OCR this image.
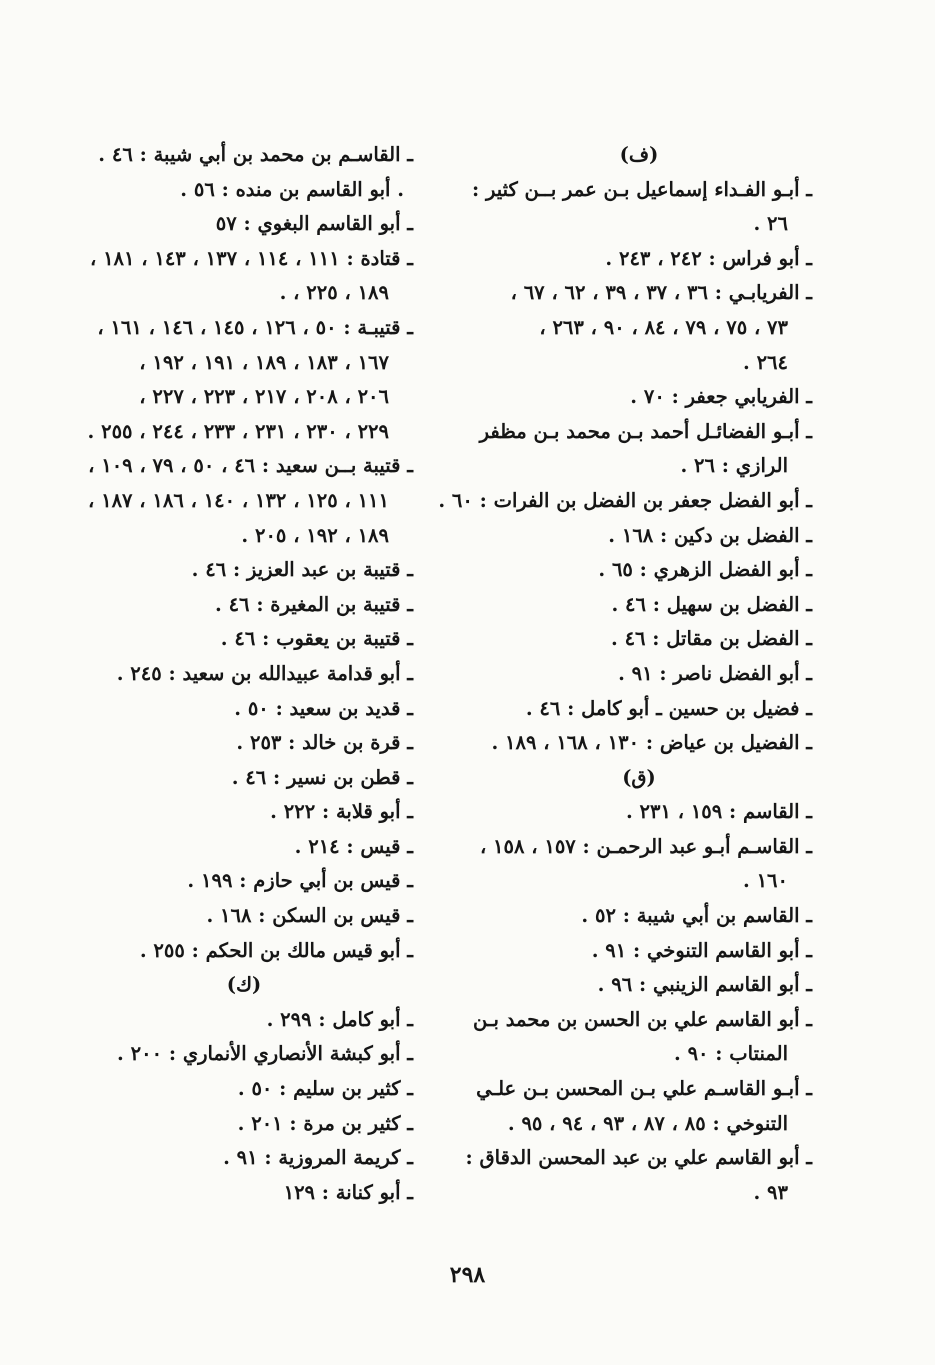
(ف)
ـ أبـو الفـداء إسماعيل بـن عمر بــن كثير :
٢٦ .
ـ أبو فراس : ٢٤٢ ، ٢٤٣ .
ـ الفريابـي : ٣٦ ، ٣٧ ، ٣٩ ، ٦٢ ، ٦٧ ،
٧٣ ، ٧٥ ، ٧٩ ، ٨٤ ، ٩٠ ، ٢٦٣ ،
٢٦٤ .
ـ الفريابي جعفر : ٧٠ .
ـ أبـو الفضائـل أحمد بـن محمد بـن مظفر
الرازي : ٢٦ .
ـ أبو الفضل جعفر بن الفضل بن الفرات : ٦٠ .
ـ الفضل بن دكين : ١٦٨ .
ـ أبو الفضل الزهري : ٦٥ .
ـ الفضل بن سهيل : ٤٦ .
ـ الفضل بن مقاتل : ٤٦ .
ـ أبو الفضل ناصر : ٩١ .
ـ فضيل بن حسين ـ أبو كامل : ٤٦ .
ـ الفضيل بن عياض : ١٣٠ ، ١٦٨ ، ١٨٩ .
(ق)
ـ القاسم : ١٥٩ ، ٢٣١ .
ـ القاسـم أبـو عبد الرحمـن : ١٥٧ ، ١٥٨ ،
١٦٠ .
ـ القاسم بن أبي شيبة : ٥٢ .
ـ أبو القاسم التنوخي : ٩١ .
ـ أبو القاسم الزينبي : ٩٦ .
ـ أبو القاسم علي بن الحسن بن محمد بـن
المنتاب : ٩٠ .
ـ أبـو القاسـم علي بـن المحسن بـن علـي
التنوخي : ٨٥ ، ٨٧ ، ٩٣ ، ٩٤ ، ٩٥ .
ـ أبو القاسم علي بن عبد المحسن الدقاق :
٩٣ .
ـ القاسـم بن محمد بن أبي شيبة : ٤٦ .
. أبو القاسم بن منده : ٥٦ .
ـ أبو القاسم البغوي : ٥٧
ـ قتادة : ١١١ ، ١١٤ ، ١٣٧ ، ١٤٣ ، ١٨١ ،
١٨٩ ، ٢٢٥ ، .
ـ قتيبـة : ٥٠ ، ١٢٦ ، ١٤٥ ، ١٤٦ ، ١٦١ ،
١٦٧ ، ١٨٣ ، ١٨٩ ، ١٩١ ، ١٩٢ ،
٢٠٦ ، ٢٠٨ ، ٢١٧ ، ٢٢٣ ، ٢٢٧ ،
٢٢٩ ، ٢٣٠ ، ٢٣١ ، ٢٣٣ ، ٢٤٤ ، ٢٥٥ .
ـ قتيبة بــن سعيد : ٤٦ ، ٥٠ ، ٧٩ ، ١٠٩ ،
١١١ ، ١٢٥ ، ١٣٢ ، ١٤٠ ، ١٨٦ ، ١٨٧ ،
١٨٩ ، ١٩٢ ، ٢٠٥ .
ـ قتيبة بن عبد العزيز : ٤٦ .
ـ قتيبة بن المغيرة : ٤٦ .
ـ قتيبة بن يعقوب : ٤٦ .
ـ أبو قدامة عبيدالله بن سعيد : ٢٤٥ .
ـ قديد بن سعيد : ٥٠ .
ـ قرة بن خالد : ٢٥٣ .
ـ قطن بن نسير : ٤٦ .
ـ أبو قلابة : ٢٢٢ .
ـ قيس : ٢١٤ .
ـ قيس بن أبي حازم : ١٩٩ .
ـ قيس بن السكن : ١٦٨ .
ـ أبو قيس مالك بن الحكم : ٢٥٥ .
(ك)
ـ أبو كامل : ٢٩٩ .
ـ أبو كبشة الأنصاري الأنماري : ٢٠٠ .
ـ كثير بن سليم : ٥٠ .
ـ كثير بن مرة : ٢٠١ .
ـ كريمة المروزية : ٩١ .
ـ أبو كنانة : ١٢٩
٢٩٨
